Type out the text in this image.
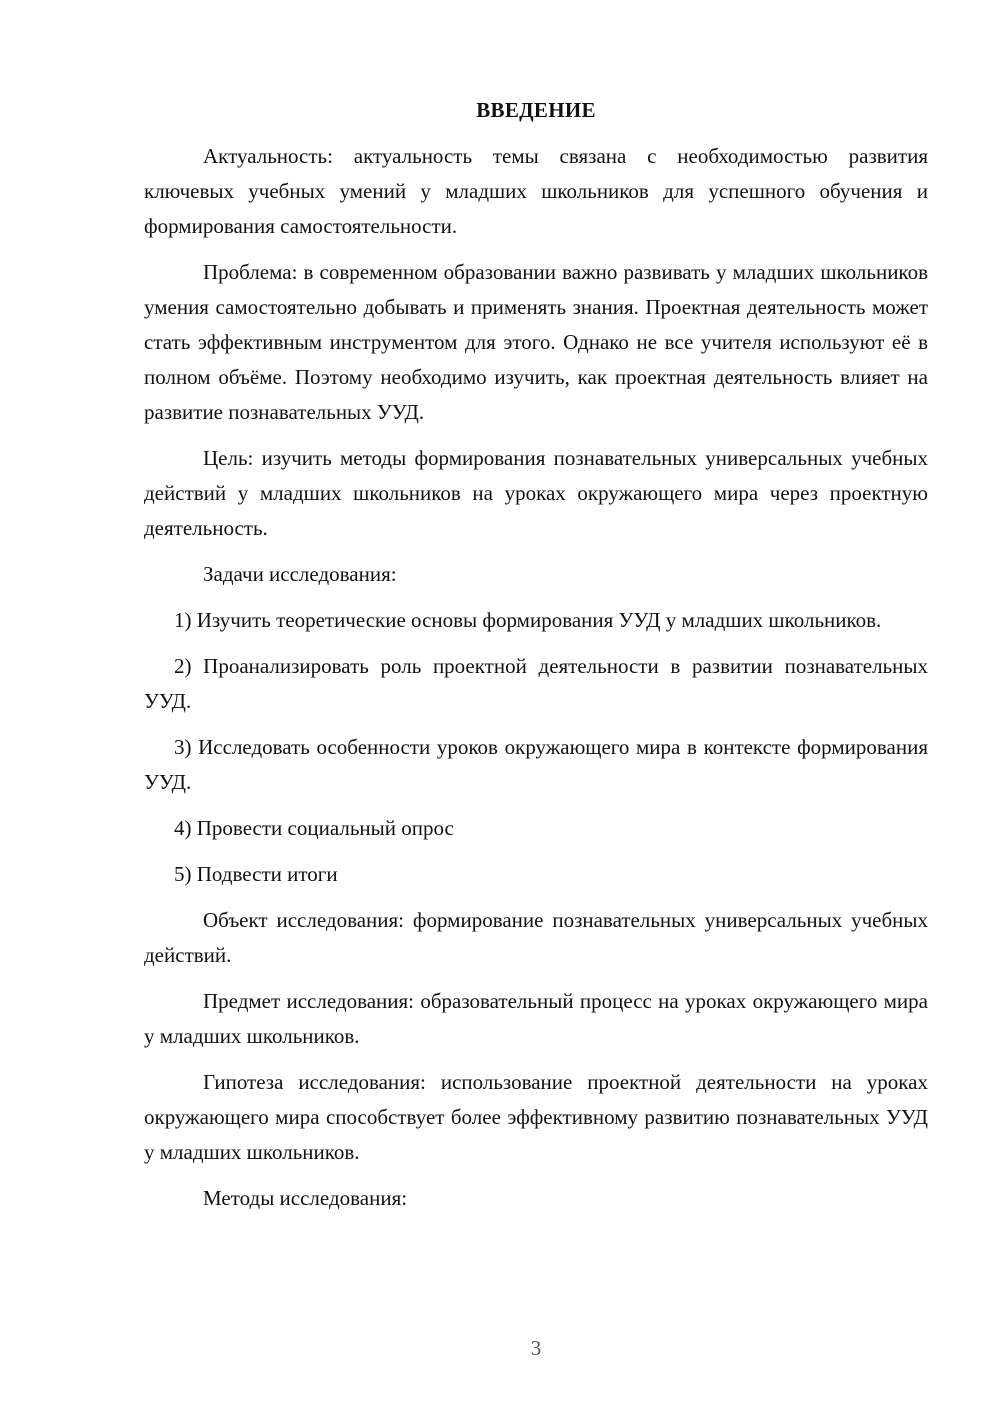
ВВЕДЕНИЕ

Актуальность: актуальность темы связана с необходимостью развития ключевых учебных умений у младших школьников для успешного обучения и формирования самостоятельности.

Проблема: в современном образовании важно развивать у младших школьников умения самостоятельно добывать и применять знания. Проектная деятельность может стать эффективным инструментом для этого. Однако не все учителя используют её в полном объёме. Поэтому необходимо изучить, как проектная деятельность влияет на развитие познавательных УУД.

Цель: изучить методы формирования познавательных универсальных учебных действий у младших школьников на уроках окружающего мира через проектную деятельность.

Задачи исследования:

1) Изучить теоретические основы формирования УУД у младших школьников.

2) Проанализировать роль проектной деятельности в развитии познавательных УУД.

3) Исследовать особенности уроков окружающего мира в контексте формирования УУД.

4) Провести социальный опрос

5) Подвести итоги

Объект исследования: формирование познавательных универсальных учебных действий.

Предмет исследования: образовательный процесс на уроках окружающего мира у младших школьников.

Гипотеза исследования: использование проектной деятельности на уроках окружающего мира способствует более эффективному развитию познавательных УУД у младших школьников.

Методы исследования:

3
